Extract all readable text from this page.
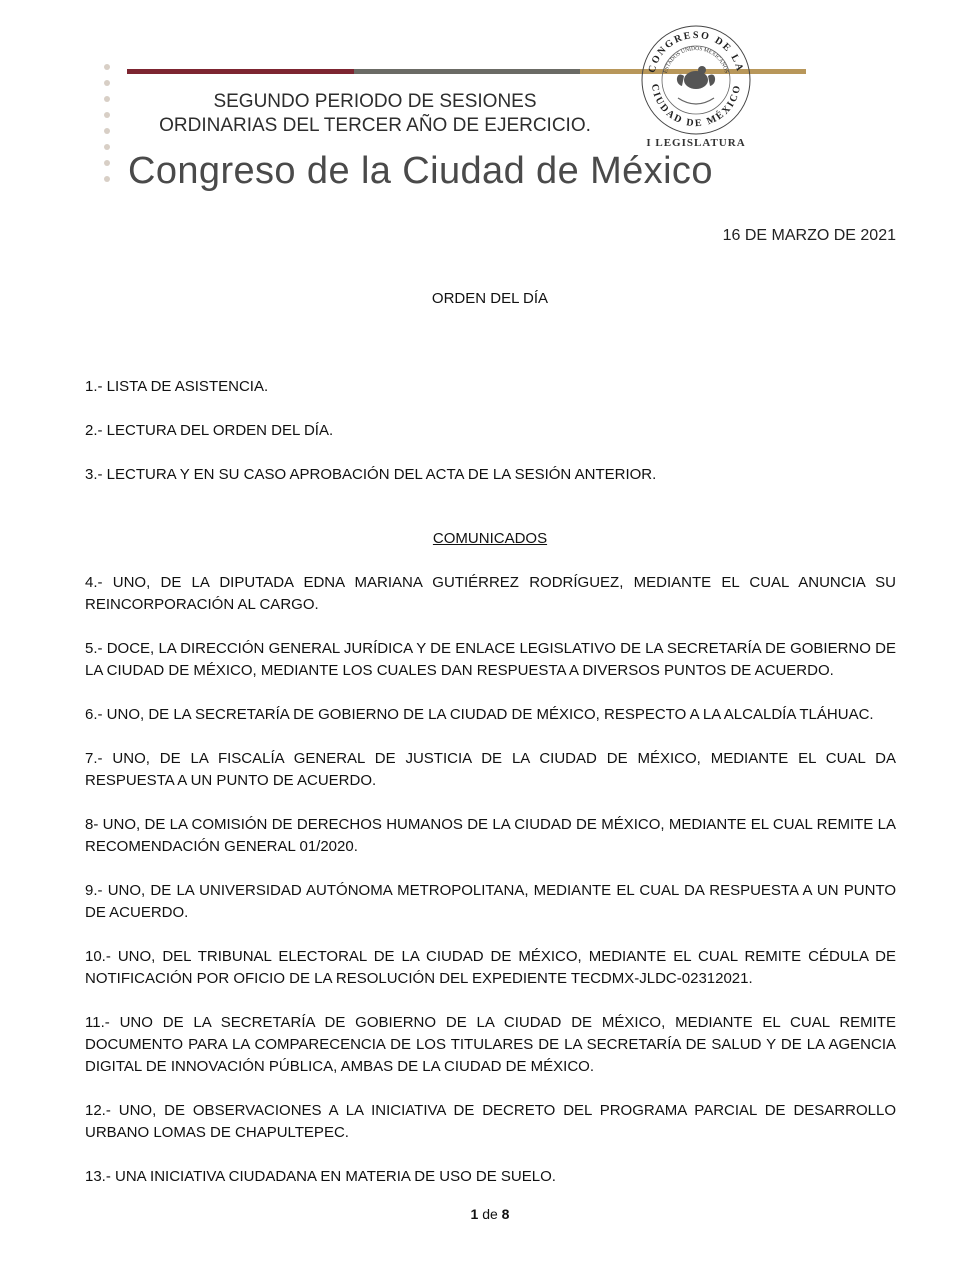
SEGUNDO PERIODO DE SESIONES
ORDINARIAS DEL TERCER AÑO DE EJERCICIO.
Congreso de la Ciudad de México
CONGRESO DE LA
CIUDAD DE MÉXICO
ESTADOS UNIDOS MEXICANOS
I LEGISLATURA
16 DE MARZO DE 2021
ORDEN DEL DÍA

1.- LISTA DE ASISTENCIA.

2.- LECTURA DEL ORDEN DEL DÍA.

3.- LECTURA Y EN SU CASO APROBACIÓN DEL ACTA DE LA SESIÓN ANTERIOR.

COMUNICADOS

4.- UNO, DE LA DIPUTADA EDNA MARIANA GUTIÉRREZ RODRÍGUEZ, MEDIANTE EL CUAL ANUNCIA SU REINCORPORACIÓN AL CARGO.

5.- DOCE, LA DIRECCIÓN GENERAL JURÍDICA Y DE ENLACE LEGISLATIVO DE LA SECRETARÍA DE GOBIERNO DE LA CIUDAD DE MÉXICO, MEDIANTE LOS CUALES DAN RESPUESTA A DIVERSOS PUNTOS DE ACUERDO.

6.- UNO, DE LA SECRETARÍA DE GOBIERNO DE LA CIUDAD DE MÉXICO, RESPECTO A LA ALCALDÍA TLÁHUAC.

7.- UNO, DE LA FISCALÍA GENERAL DE JUSTICIA DE LA CIUDAD DE MÉXICO, MEDIANTE EL CUAL DA RESPUESTA A UN PUNTO DE ACUERDO.

8- UNO, DE LA COMISIÓN DE DERECHOS HUMANOS DE LA CIUDAD DE MÉXICO, MEDIANTE EL CUAL REMITE LA RECOMENDACIÓN GENERAL 01/2020.

9.- UNO, DE LA UNIVERSIDAD AUTÓNOMA METROPOLITANA, MEDIANTE EL CUAL DA RESPUESTA A UN PUNTO DE ACUERDO.

10.- UNO, DEL TRIBUNAL ELECTORAL DE LA CIUDAD DE MÉXICO, MEDIANTE EL CUAL REMITE CÉDULA DE NOTIFICACIÓN POR OFICIO DE LA RESOLUCIÓN DEL EXPEDIENTE TECDMX-JLDC-02312021.

11.- UNO DE LA SECRETARÍA DE GOBIERNO DE LA CIUDAD DE MÉXICO, MEDIANTE EL CUAL REMITE DOCUMENTO PARA LA COMPARECENCIA DE LOS TITULARES DE LA SECRETARÍA DE SALUD Y DE LA AGENCIA DIGITAL DE INNOVACIÓN PÚBLICA, AMBAS DE LA CIUDAD DE MÉXICO.

12.- UNO, DE OBSERVACIONES A LA INICIATIVA DE DECRETO DEL PROGRAMA PARCIAL DE DESARROLLO URBANO LOMAS DE CHAPULTEPEC.

13.- UNA INICIATIVA CIUDADANA EN MATERIA DE USO DE SUELO.

1 de 8
